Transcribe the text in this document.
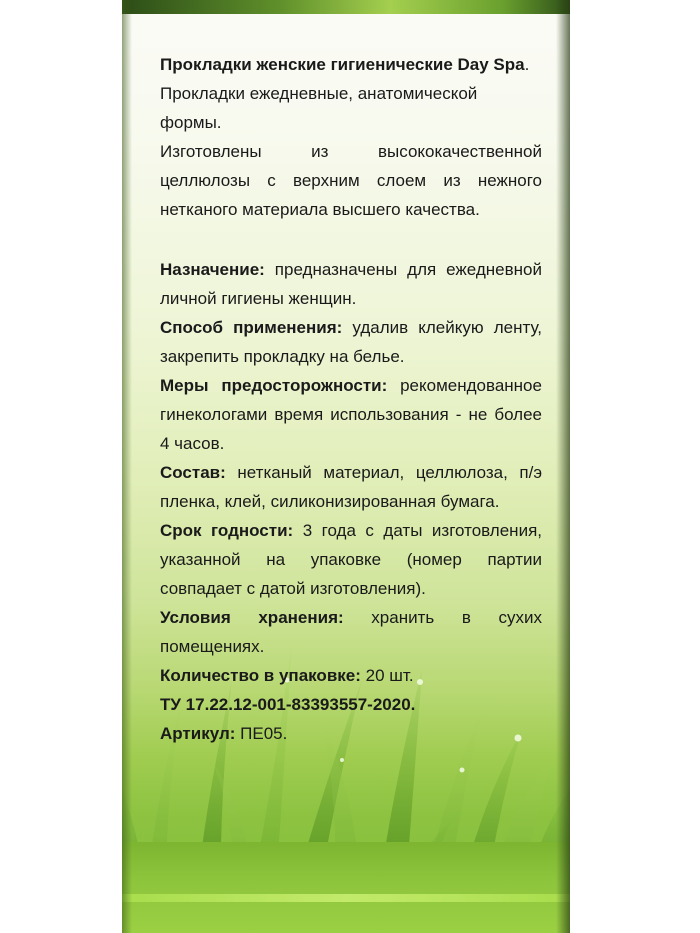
Прокладки женские гигиенические Day Spa.

Прокладки ежедневные, анатомической формы.

Изготовлены из высококачественной целлюлозы с верхним слоем из нежного нетканого материала высшего качества.

Назначение: предназначены для ежедневной личной гигиены женщин.

Способ применения: удалив клейкую ленту, закрепить прокладку на белье.

Меры предосторожности: рекомендованное гинекологами время использования - не более 4 часов.

Состав: нетканый материал, целлюлоза, п/э пленка, клей, силиконизированная бумага.

Срок годности: 3 года с даты изготовления, указанной на упаковке (номер партии совпадает с датой изготовления).

Условия хранения: хранить в сухих помещениях.

Количество в упаковке: 20 шт.

ТУ 17.22.12-001-83393557-2020.

Артикул: ПЕ05.
